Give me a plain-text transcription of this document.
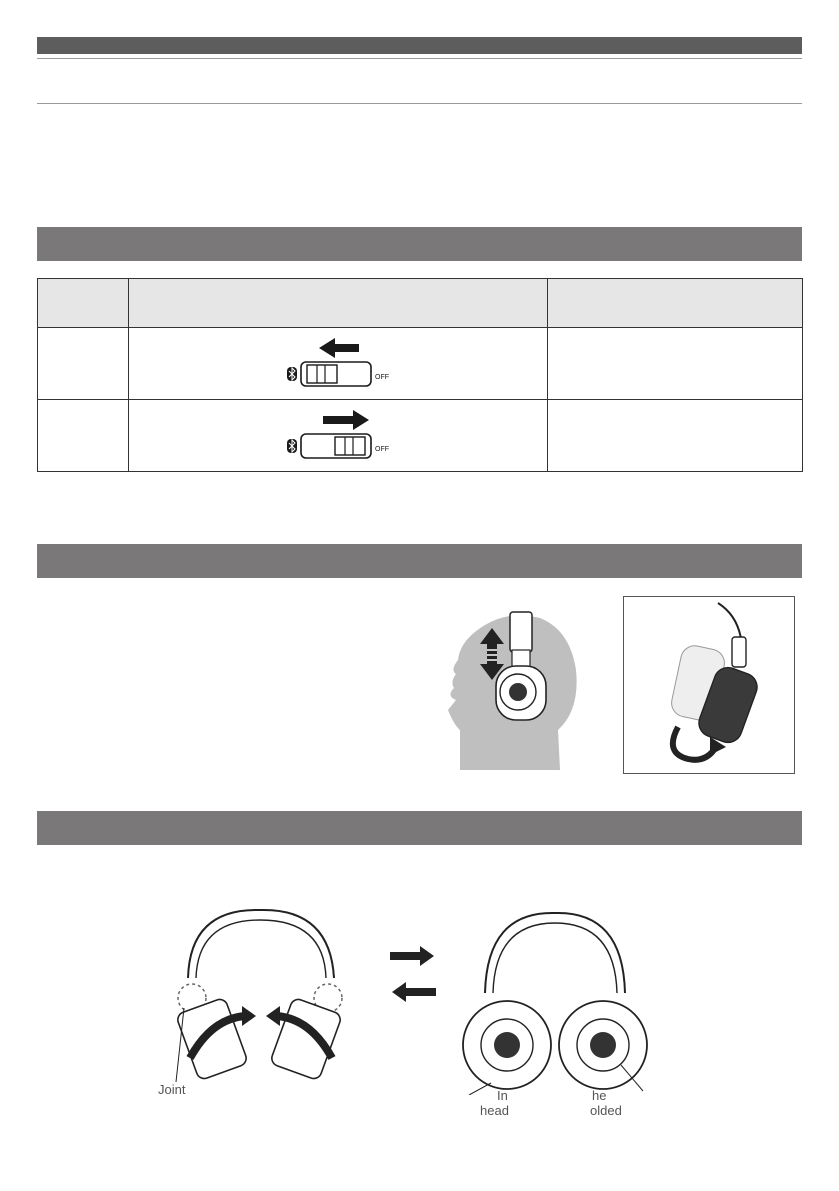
OFF	

OFF	

Joint	In
head
he
olded
